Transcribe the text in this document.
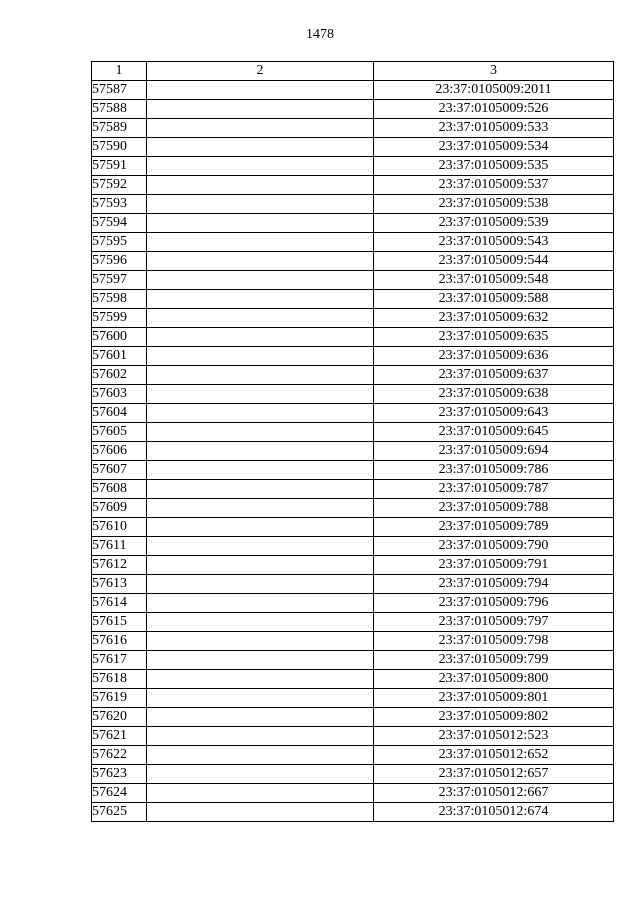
1478
1	2	3
57587		23:37:0105009:2011
57588		23:37:0105009:526
57589		23:37:0105009:533
57590		23:37:0105009:534
57591		23:37:0105009:535
57592		23:37:0105009:537
57593		23:37:0105009:538
57594		23:37:0105009:539
57595		23:37:0105009:543
57596		23:37:0105009:544
57597		23:37:0105009:548
57598		23:37:0105009:588
57599		23:37:0105009:632
57600		23:37:0105009:635
57601		23:37:0105009:636
57602		23:37:0105009:637
57603		23:37:0105009:638
57604		23:37:0105009:643
57605		23:37:0105009:645
57606		23:37:0105009:694
57607		23:37:0105009:786
57608		23:37:0105009:787
57609		23:37:0105009:788
57610		23:37:0105009:789
57611		23:37:0105009:790
57612		23:37:0105009:791
57613		23:37:0105009:794
57614		23:37:0105009:796
57615		23:37:0105009:797
57616		23:37:0105009:798
57617		23:37:0105009:799
57618		23:37:0105009:800
57619		23:37:0105009:801
57620		23:37:0105009:802
57621		23:37:0105012:523
57622		23:37:0105012:652
57623		23:37:0105012:657
57624		23:37:0105012:667
57625		23:37:0105012:674
